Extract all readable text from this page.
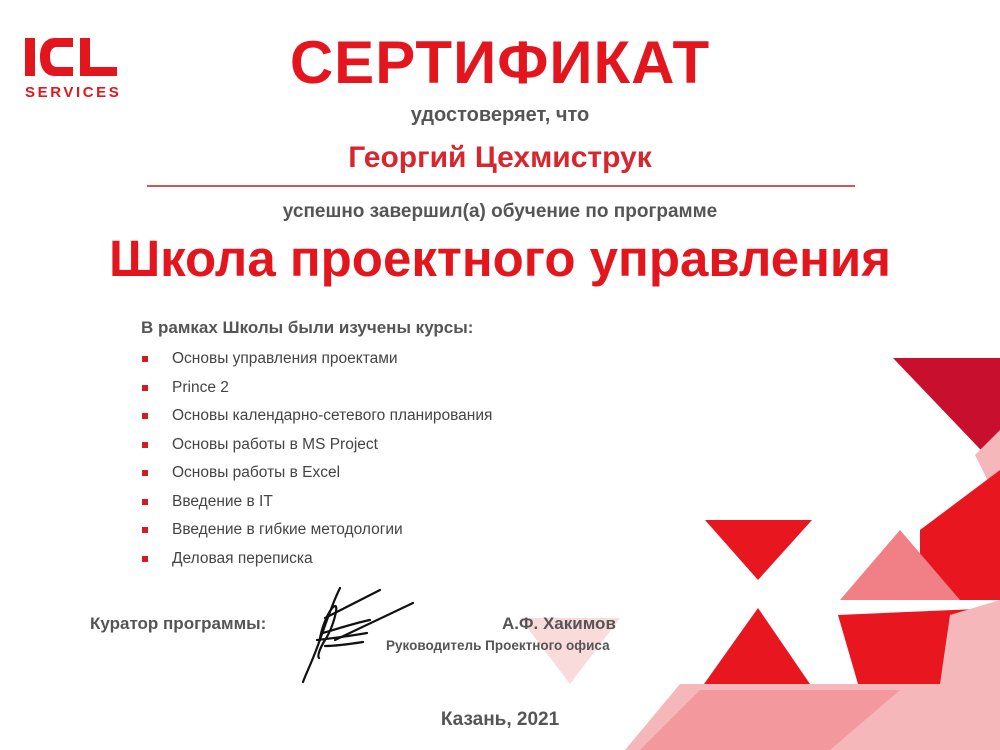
SERVICES	СЕРТИФИКАТ
удостоверяет, что
Георгий Цехмиструк
успешно завершил(а) обучение по программе
Школа проектного управления
В рамках Школы были изучены курсы:
Основы управления проектами
Prince 2
Основы календарно-сетевого планирования
Основы работы в MS Project
Основы работы в Excel
Введение в IT
Введение в гибкие методологии
Деловая переписка
Куратор программы:	А.Ф. Хакимов
Руководитель Проектного офиса
Казань, 2021
